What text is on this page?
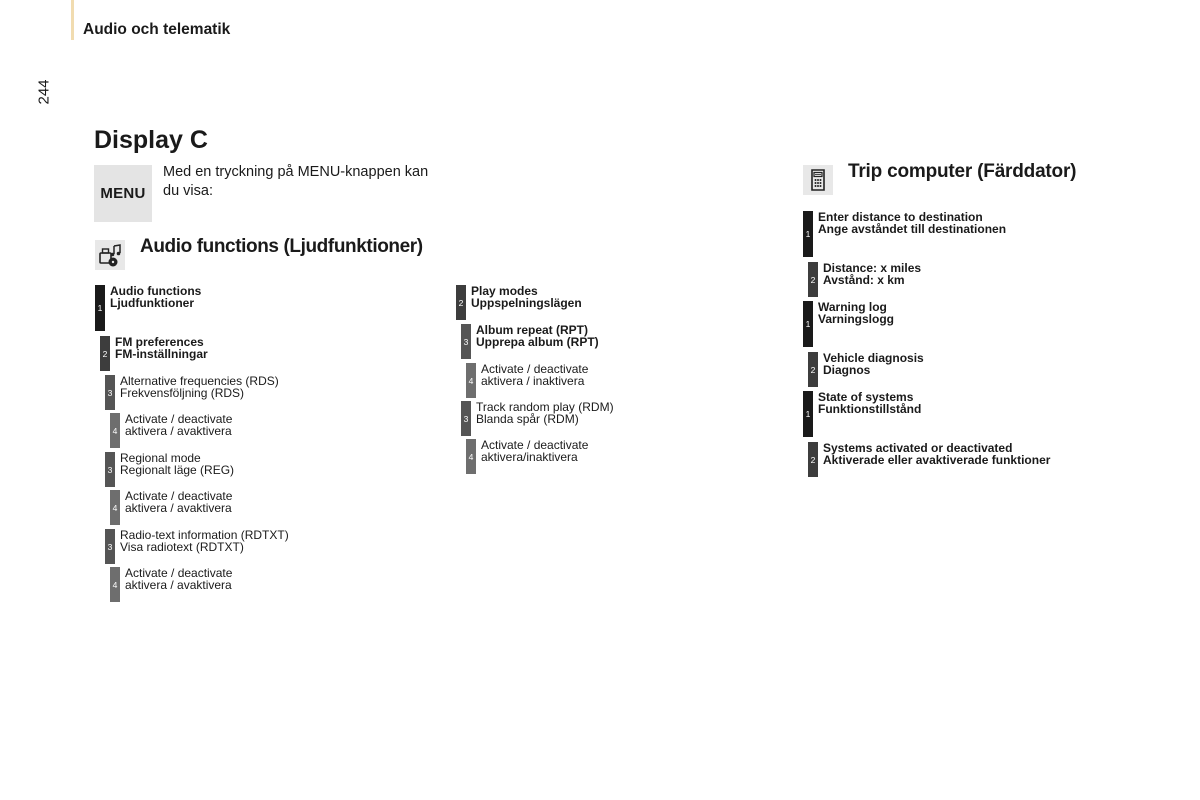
Audio och telematik
244
Display C
MENU
Med en tryckning på MENU-knappen kan du visa:
Audio functions (Ljudfunktioner)
1
Audio functions
Ljudfunktioner
2
FM preferences
FM-inställningar
3
Alternative frequencies (RDS)
Frekvensföljning (RDS)
4
Activate / deactivate
aktivera / avaktivera
3
Regional mode
Regionalt läge (REG)
4
Activate / deactivate
aktivera / avaktivera
3
Radio-text information (RDTXT)
Visa radiotext (RDTXT)
4
Activate / deactivate
aktivera / avaktivera
2
Play modes
Uppspelningslägen
3
Album repeat (RPT)
Upprepa album (RPT)
4
Activate / deactivate
aktivera / inaktivera
3
Track random play (RDM)
Blanda spår (RDM)
4
Activate / deactivate
aktivera/inaktivera
Trip computer (Färddator)
1
Enter distance to destination
Ange avståndet till destinationen
2
Distance: x miles
Avstånd: x km
1
Warning log
Varningslogg
2
Vehicle diagnosis
Diagnos
1
State of systems
Funktionstillstånd
2
Systems activated or deactivated
Aktiverade eller avaktiverade funktioner
